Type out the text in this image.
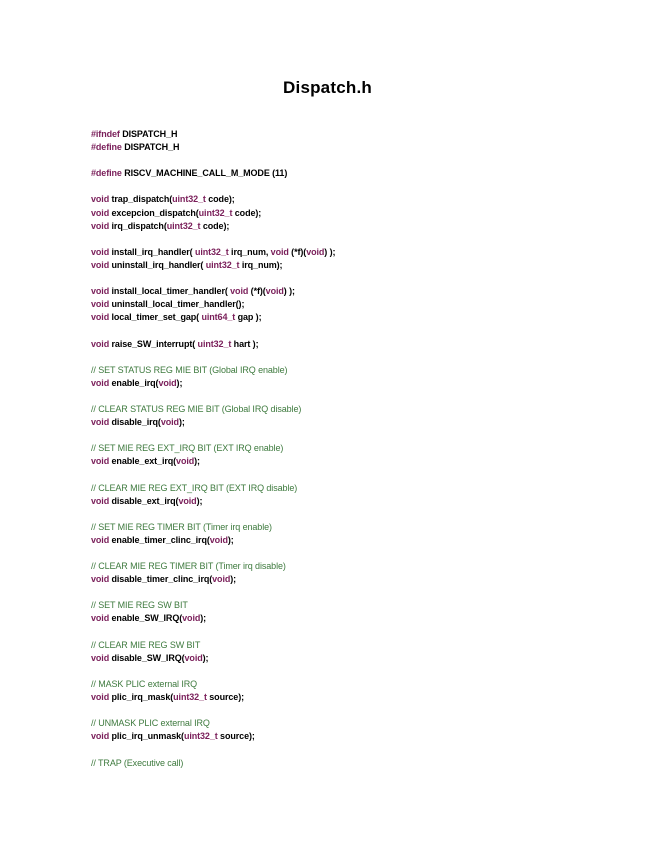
Dispatch.h
#ifndef DISPATCH_H
#define DISPATCH_H
#define RISCV_MACHINE_CALL_M_MODE (11)
void trap_dispatch(uint32_t code);
void excepcion_dispatch(uint32_t code);
void irq_dispatch(uint32_t code);
void install_irq_handler( uint32_t irq_num, void (*f)(void) );
void uninstall_irq_handler( uint32_t irq_num);
void install_local_timer_handler( void (*f)(void) );
void uninstall_local_timer_handler();
void local_timer_set_gap( uint64_t gap );
void raise_SW_interrupt( uint32_t hart );
// SET STATUS REG MIE BIT (Global IRQ enable)
void enable_irq(void);
// CLEAR STATUS REG MIE BIT (Global IRQ disable)
void disable_irq(void);
// SET MIE REG EXT_IRQ BIT (EXT IRQ enable)
void enable_ext_irq(void);
// CLEAR MIE REG EXT_IRQ BIT (EXT IRQ disable)
void disable_ext_irq(void);
// SET MIE REG TIMER BIT (Timer irq enable)
void enable_timer_clinc_irq(void);
// CLEAR MIE REG TIMER BIT (Timer irq disable)
void disable_timer_clinc_irq(void);
// SET MIE REG SW BIT
void enable_SW_IRQ(void);
// CLEAR MIE REG SW BIT
void disable_SW_IRQ(void);
// MASK PLIC external IRQ
void plic_irq_mask(uint32_t source);
// UNMASK PLIC external IRQ
void plic_irq_unmask(uint32_t source);
// TRAP (Executive call)
